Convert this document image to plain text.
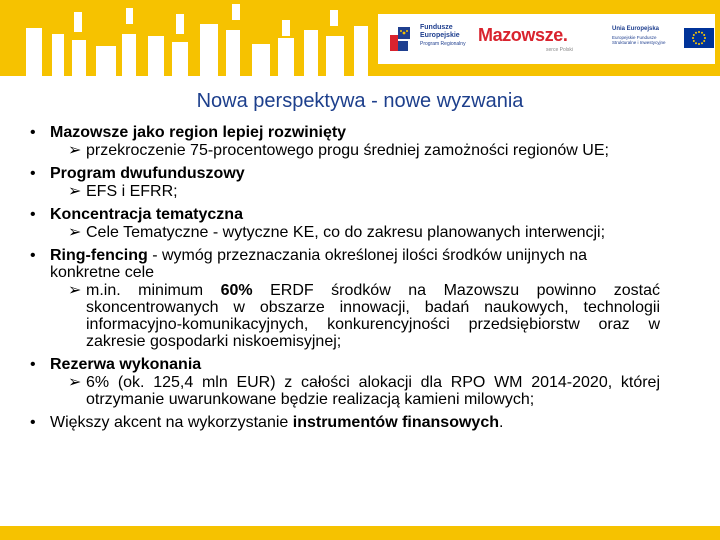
Fundusze
Europejskie
Program Regionalny Mazowsze.
serce Polski
Unia Europejska
Europejskie Fundusze
Strukturalne i Inwestycyjne
Nowa perspektywa - nowe wyzwania
• Mazowsze jako region lepiej rozwinięty
➢ przekroczenie 75-procentowego progu średniej zamożności regionów UE;
• Program dwufunduszowy
➢ EFS i EFRR;
• Koncentracja tematyczna
➢ Cele Tematyczne - wytyczne KE, co do zakresu planowanych interwencji;
• Ring-fencing - wymóg przeznaczania określonej ilości środków unijnych na konkretne cele
➢ m.in. minimum 60% ERDF środków na Mazowszu powinno zostać skoncentrowanych w obszarze innowacji, badań naukowych, technologii informacyjno-komunikacyjnych, konkurencyjności przedsiębiorstw oraz w zakresie gospodarki niskoemisyjnej;
• Rezerwa wykonania
➢ 6% (ok. 125,4 mln EUR) z całości alokacji dla RPO WM 2014-2020, której otrzymanie uwarunkowane będzie realizacją kamieni milowych;
• Większy akcent na wykorzystanie instrumentów finansowych.
